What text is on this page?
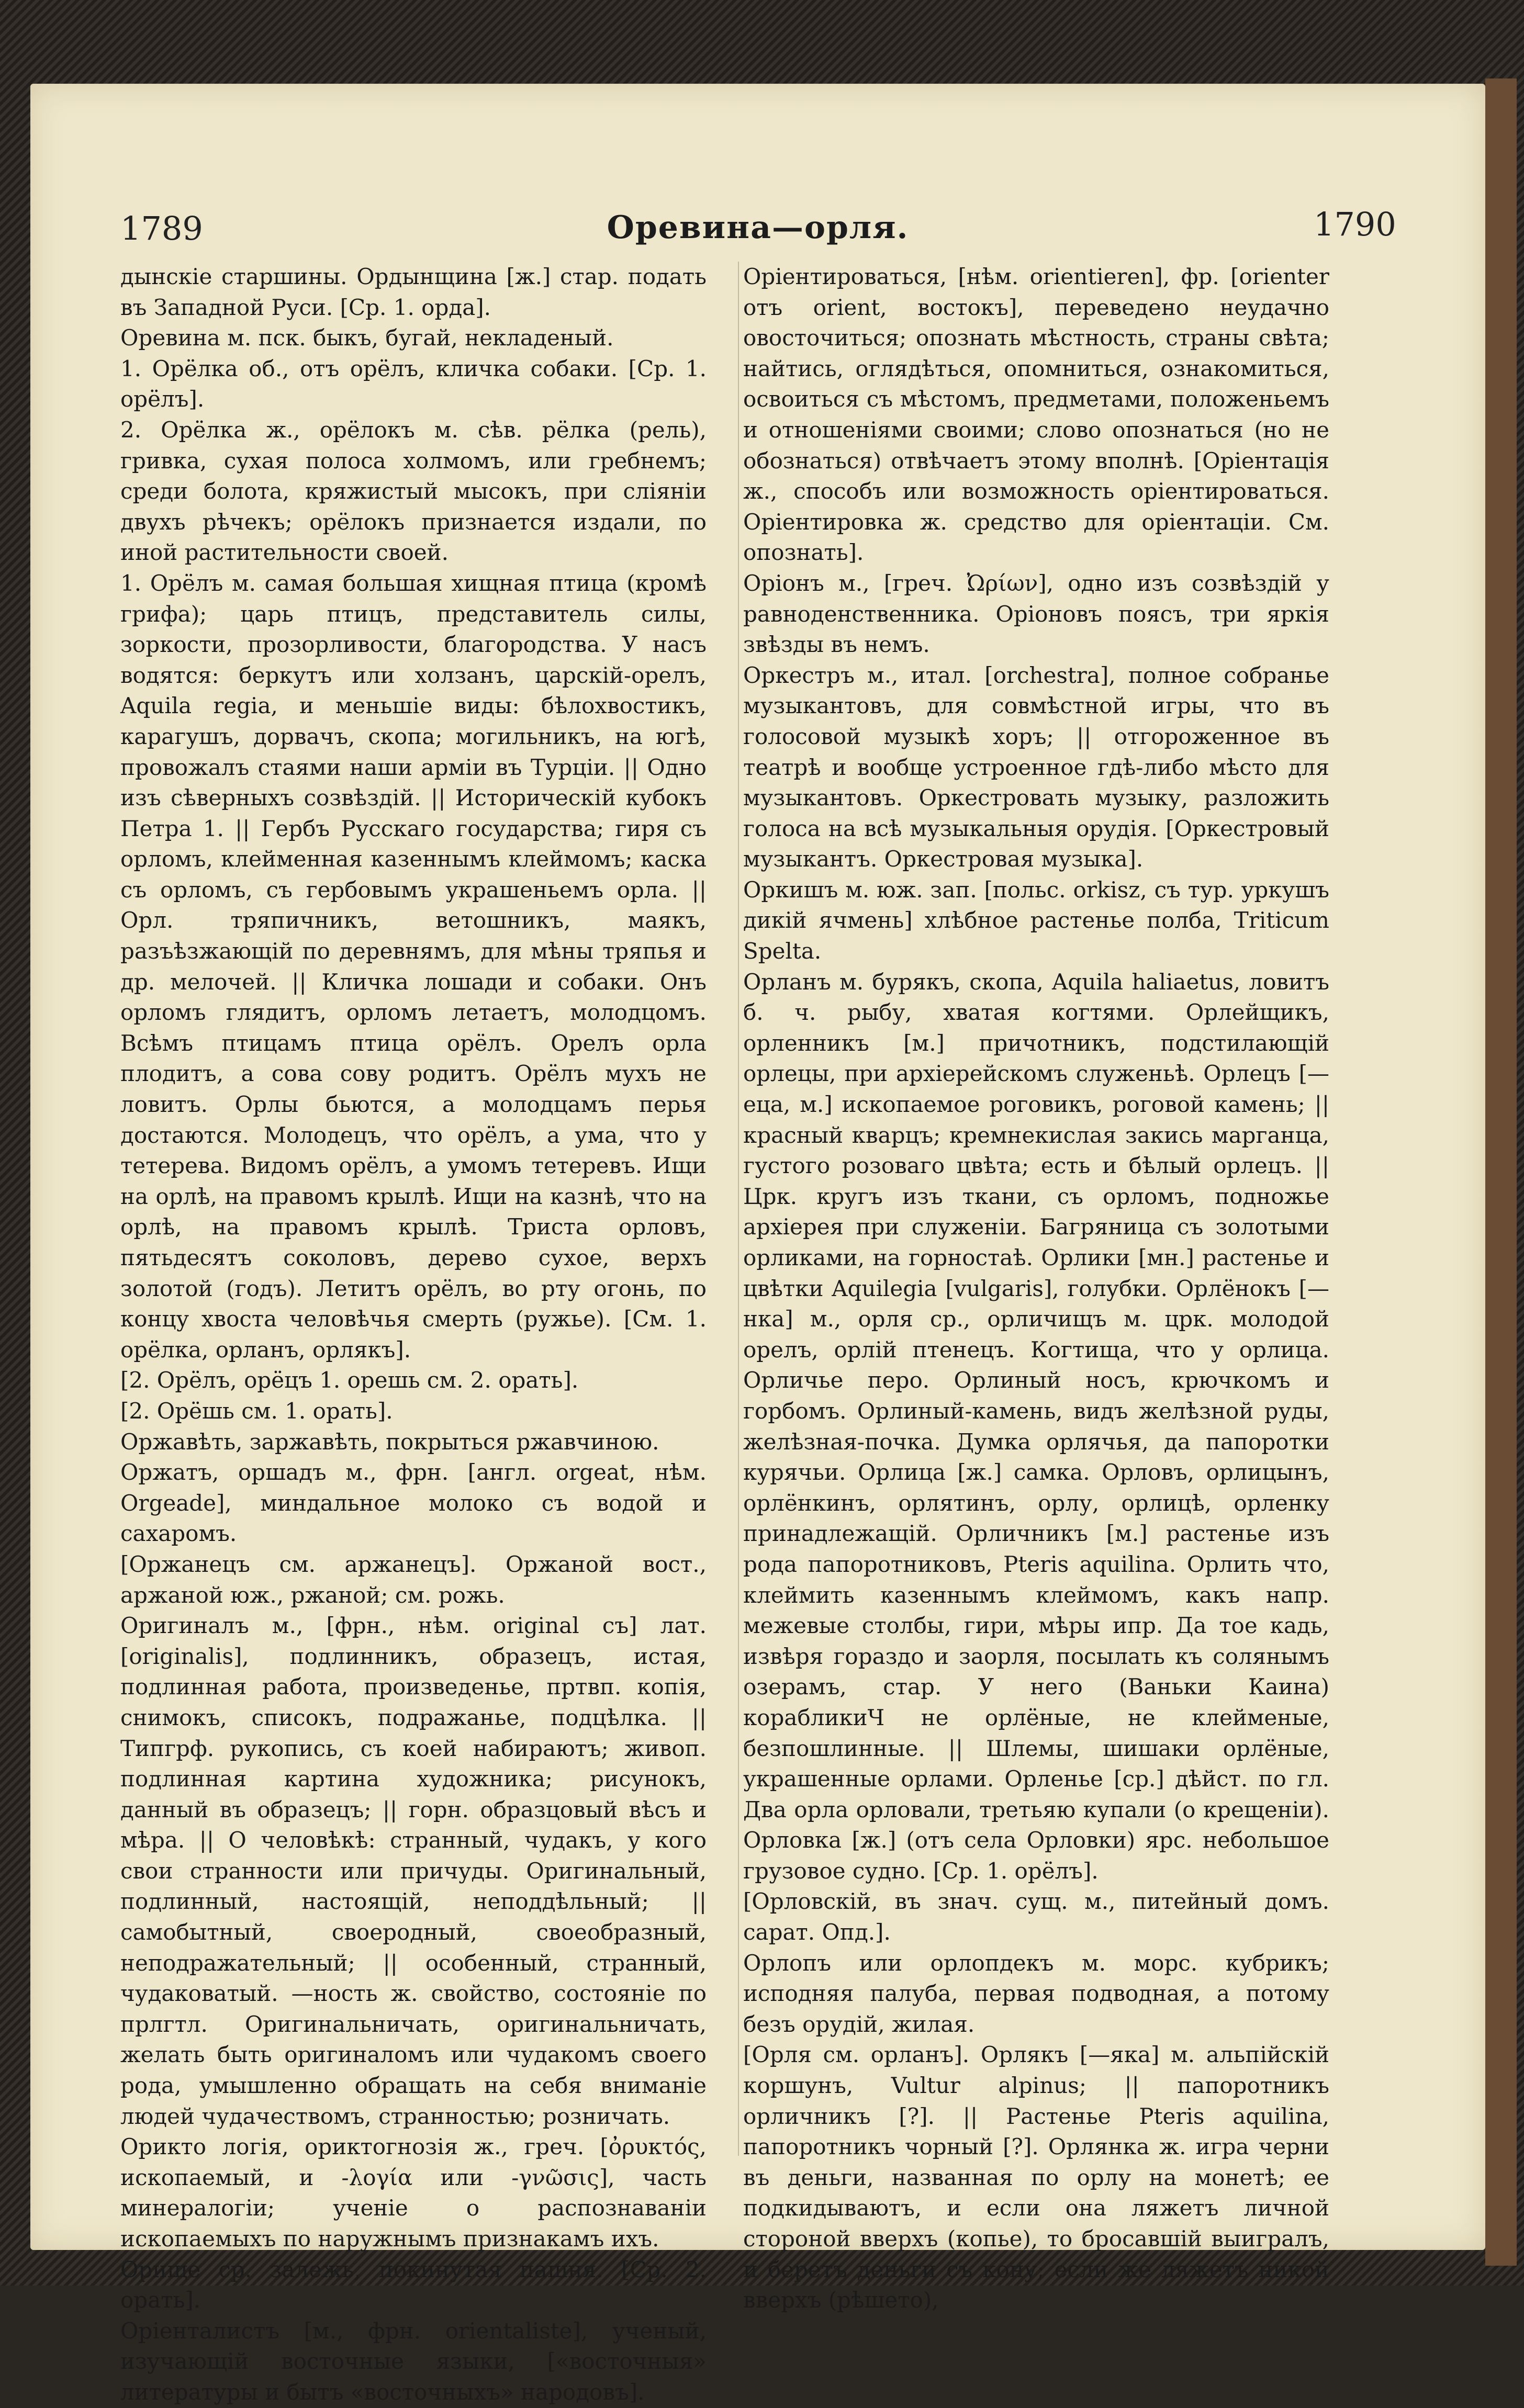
1789	Оревина—орля.	1790

дынскіе старшины. Ордынщина [ж.] стар. подать въ Западной Руси. [Ср. 1. орда].

Оревина м. пск. быкъ, бугай, некладеный.

1. Орёлка об., отъ орёлъ, кличка собаки. [Ср. 1. орёлъ].

2. Орёлка ж., орёлокъ м. сѣв. рёлка (рель), гривка, сухая полоса холмомъ, или гребнемъ; среди болота, кряжистый мысокъ, при сліяніи двухъ рѣчекъ; орёлокъ признается издали, по иной растительности своей.

1. Орёлъ м. самая большая хищная птица (кромѣ грифа); царь птицъ, представитель силы, зоркости, прозорливости, благородства. У насъ водятся: беркутъ или холзанъ, царскій-орелъ, Aquila regia, и меньшіе виды: бѣлохвостикъ, карагушъ, дорвачъ, скопа; могильникъ, на югѣ, провожалъ стаями наши арміи въ Турціи. || Одно изъ сѣверныхъ созвѣздій. || Историческій кубокъ Петра 1. || Гербъ Русскаго государства; гиря съ орломъ, клейменная казеннымъ клеймомъ; каска съ орломъ, съ гербовымъ украшеньемъ орла. || Орл. тряпичникъ, ветошникъ, маякъ, разъѣзжающій по деревнямъ, для мѣны тряпья и др. мелочей. || Кличка лошади и собаки. Онъ орломъ глядитъ, орломъ летаетъ, молодцомъ. Всѣмъ птицамъ птица орёлъ. Орелъ орла плодитъ, а сова сову родитъ. Орёлъ мухъ не ловитъ. Орлы бьются, а молодцамъ перья достаются. Молодецъ, что орёлъ, а ума, что у тетерева. Видомъ орёлъ, а умомъ тетеревъ. Ищи на орлѣ, на правомъ крылѣ. Ищи на казнѣ, что на орлѣ, на правомъ крылѣ. Триста орловъ, пятьдесятъ соколовъ, дерево сухое, верхъ золотой (годъ). Летитъ орёлъ, во рту огонь, по концу хвоста человѣчья смерть (ружье). [См. 1. орёлка, орланъ, орлякъ].

[2. Орёлъ, орёцъ 1. орешь см. 2. орать].

[2. Орёшь см. 1. орать].

Оржавѣть, заржавѣть, покрыться ржавчиною.

Оржатъ, оршадъ м., фрн. [англ. orgeat, нѣм. Orgeade], миндальное молоко съ водой и сахаромъ.

[Оржанецъ см. аржанецъ]. Оржаной вост., аржаной юж., ржаной; см. рожь.

Оригиналъ м., [фрн., нѣм. original съ] лат. [originalis], подлинникъ, образецъ, истая, подлинная работа, произведенье, пртвп. копія, снимокъ, списокъ, подражанье, подцѣлка. || Типгрф. рукопись, съ коей набираютъ; живоп. подлинная картина художника; рисунокъ, данный въ образецъ; || горн. образцовый вѣсъ и мѣра. || О человѣкѣ: странный, чудакъ, у кого свои странности или причуды. Оригинальный, подлинный, настоящій, неподдѣльный; || самобытный, своеродный, своеобразный, неподражательный; || особенный, странный, чудаковатый. —ность ж. свойство, состояніе по прлгтл. Оригинальничать, оригинальничать, желать быть оригиналомъ или чудакомъ своего рода, умышленно обращать на себя вниманіе людей чудачествомъ, странностью; розничать.

Орикто логія, ориктогнозія ж., греч. [ὀρυκτός, ископаемый, и -λογία или -γνῶσις], часть минералогіи; ученіе о распознаваніи ископаемыхъ по наружнымъ признакамъ ихъ.

Орище ср. залежь, покинутая пашня. [Ср. 2. орать].

Оріенталистъ [м., фрн. orientaliste], ученый, изучающій восточные языки, [«восточныя» литературы и бытъ «восточныхъ» народовъ].

Оріентироваться, [нѣм. orientieren], фр. [orienter отъ orient, востокъ], переведено неудачно овосточиться; опознать мѣстность, страны свѣта; найтись, оглядѣться, опомниться, ознакомиться, освоиться съ мѣстомъ, предметами, положеньемъ и отношеніями своими; слово опознаться (но не обознаться) отвѣчаетъ этому вполнѣ. [Оріентація ж., способъ или возможность оріентироваться. Оріентировка ж. средство для оріентаціи. См. опознать].

Оріонъ м., [греч. Ὠρίων], одно изъ созвѣздій у равноденственника. Оріоновъ поясъ, три яркія звѣзды въ немъ.

Оркестръ м., итал. [orchestra], полное собранье музыкантовъ, для совмѣстной игры, что въ голосовой музыкѣ хоръ; || отгороженное въ театрѣ и вообще устроенное гдѣ-либо мѣсто для музыкантовъ. Оркестровать музыку, разложить голоса на всѣ музыкальныя орудія. [Оркестровый музыкантъ. Оркестровая музыка].

Оркишъ м. юж. зап. [польс. orkisz, съ тур. уркушъ дикій ячмень] хлѣбное растенье полба, Triticum Spelta.

Орланъ м. бурякъ, скопа, Aquila haliaetus, ловитъ б. ч. рыбу, хватая когтями. Орлейщикъ, орленникъ [м.] причотникъ, подстилающій орлецы, при архіерейскомъ служеньѣ. Орлецъ [—еца, м.] ископаемое роговикъ, роговой камень; || красный кварцъ; кремнекислая закись марганца, густого розоваго цвѣта; есть и бѣлый орлецъ. || Црк. кругъ изъ ткани, съ орломъ, подножье архіерея при служеніи. Багряница съ золотыми орликами, на горностаѣ. Орлики [мн.] растенье и цвѣтки Aquilegia [vulgaris], голубки. Орлёнокъ [—нка] м., орля ср., орличищъ м. црк. молодой орелъ, орлій птенецъ. Когтища, что у орлица. Орличье перо. Орлиный носъ, крючкомъ и горбомъ. Орлиный-камень, видъ желѣзной руды, желѣзная-почка. Думка орлячья, да папоротки курячьи. Орлица [ж.] самка. Орловъ, орлицынъ, орлёнкинъ, орлятинъ, орлу, орлицѣ, орленку принадлежащій. Орличникъ [м.] растенье изъ рода папоротниковъ, Pteris aquilina. Орлить что, клеймить казеннымъ клеймомъ, какъ напр. межевые столбы, гири, мѣры ипр. Да тое кадь, извѣря гораздо и заорля, посылать къ солянымъ озерамъ, стар. У него (Ваньки Каина) корабликиЧ не орлёные, не клейменые, безпошлинные. || Шлемы, шишаки орлёные, украшенные орлами. Орленье [ср.] дѣйст. по гл. Два орла орловали, третьяю купали (о крещеніи). Орловка [ж.] (отъ села Орловки) ярс. небольшое грузовое судно. [Ср. 1. орёлъ].

[Орловскій, въ знач. сущ. м., питейный домъ. сарат. Опд.].

Орлопъ или орлопдекъ м. морс. кубрикъ; исподняя палуба, первая подводная, а потому безъ орудій, жилая.

[Орля см. орланъ]. Орлякъ [—яка] м. альпійскій коршунъ, Vultur alpinus; || папоротникъ орличникъ [?]. || Растенье Pteris aquilina, папоротникъ чорный [?]. Орлянка ж. игра черни въ деньги, названная по орлу на монетѣ; ее подкидываютъ, и если она ляжетъ личной стороной вверхъ (копье), то бросавшій выигралъ, и беретъ деньги съ кону; если же ляжетъ никой вверхъ (рѣшето),
